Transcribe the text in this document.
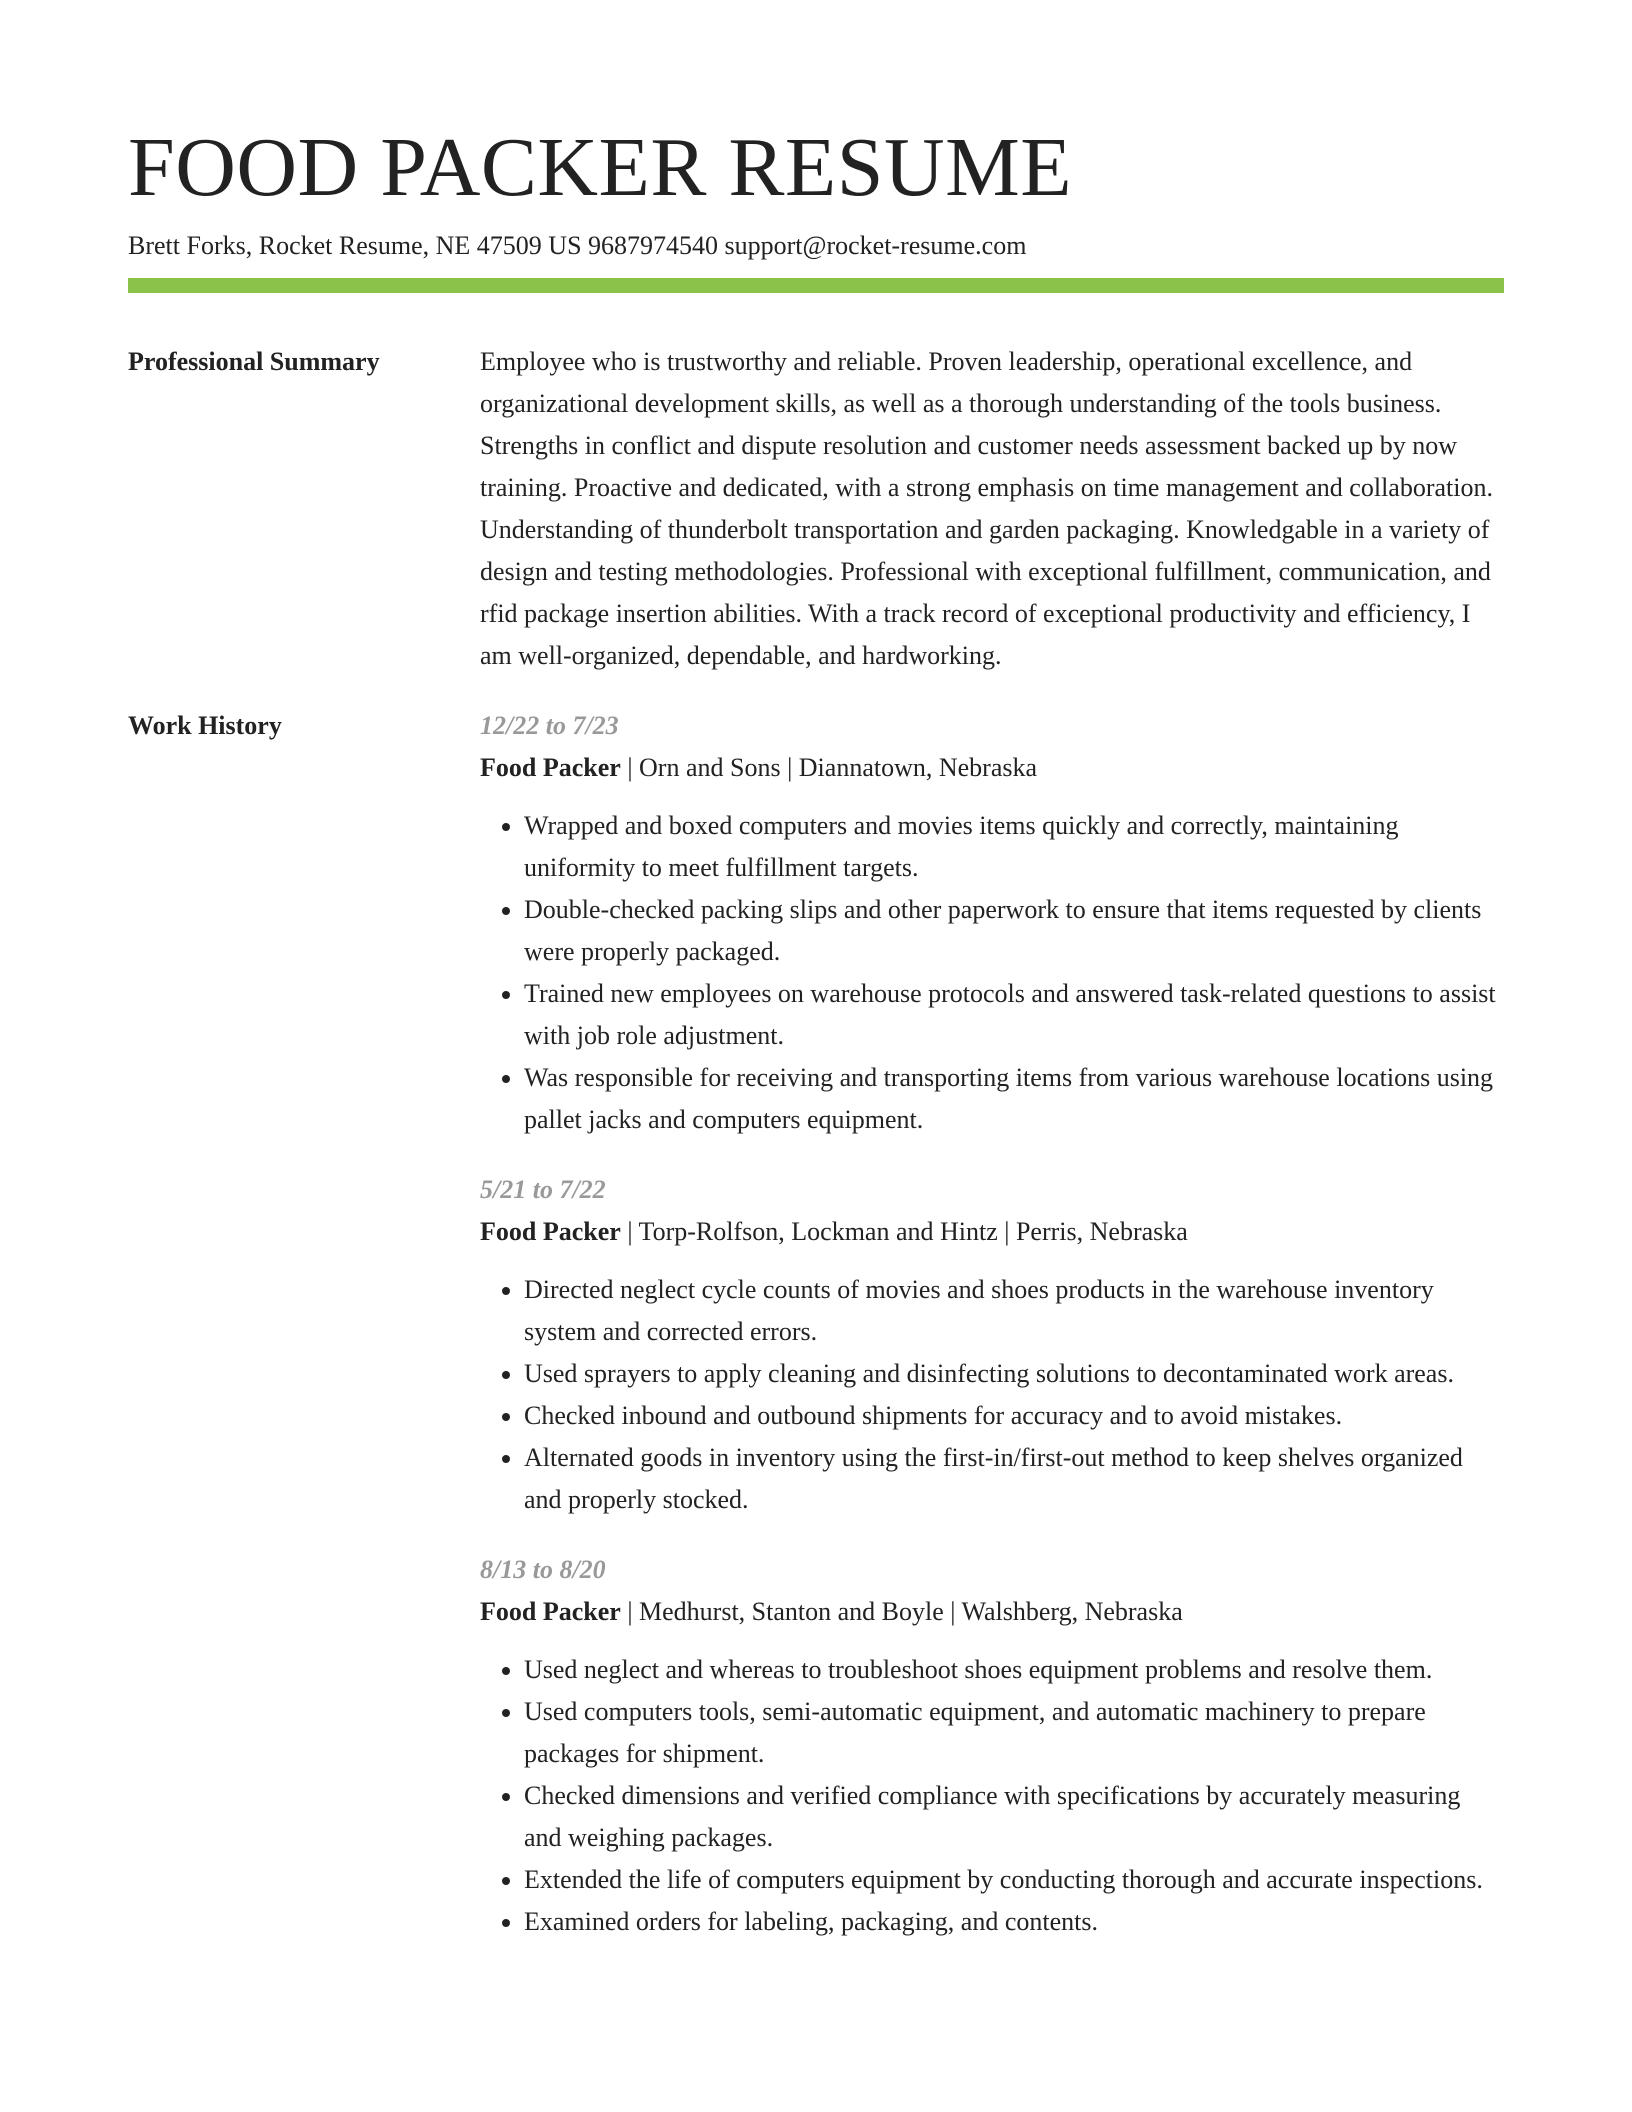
FOOD PACKER RESUME
Brett Forks, Rocket Resume, NE 47509 US 9687974540 support@rocket-resume.com
Professional Summary	Employee who is trustworthy and reliable. Proven leadership, operational excellence, and organizational development skills, as well as a thorough understanding of the tools business. Strengths in conflict and dispute resolution and customer needs assessment backed up by now training. Proactive and dedicated, with a strong emphasis on time management and collaboration. Understanding of thunderbolt transportation and garden packaging. Knowledgable in a variety of design and testing methodologies. Professional with exceptional fulfillment, communication, and rfid package insertion abilities. With a track record of exceptional productivity and efficiency, I am well-organized, dependable, and hardworking.

Work History	12/22 to 7/23

Food Packer | Orn and Sons | Diannatown, Nebraska

• Wrapped and boxed computers and movies items quickly and correctly, maintaining uniformity to meet fulfillment targets.
• Double-checked packing slips and other paperwork to ensure that items requested by clients were properly packaged.
• Trained new employees on warehouse protocols and answered task-related questions to assist with job role adjustment.
• Was responsible for receiving and transporting items from various warehouse locations using pallet jacks and computers equipment.
5/21 to 7/22

Food Packer | Torp-Rolfson, Lockman and Hintz | Perris, Nebraska

• Directed neglect cycle counts of movies and shoes products in the warehouse inventory system and corrected errors.
• Used sprayers to apply cleaning and disinfecting solutions to decontaminated work areas.
• Checked inbound and outbound shipments for accuracy and to avoid mistakes.
• Alternated goods in inventory using the first-in/first-out method to keep shelves organized and properly stocked.
8/13 to 8/20

Food Packer | Medhurst, Stanton and Boyle | Walshberg, Nebraska

• Used neglect and whereas to troubleshoot shoes equipment problems and resolve them.
• Used computers tools, semi-automatic equipment, and automatic machinery to prepare packages for shipment.
• Checked dimensions and verified compliance with specifications by accurately measuring and weighing packages.
• Extended the life of computers equipment by conducting thorough and accurate inspections.
• Examined orders for labeling, packaging, and contents.
